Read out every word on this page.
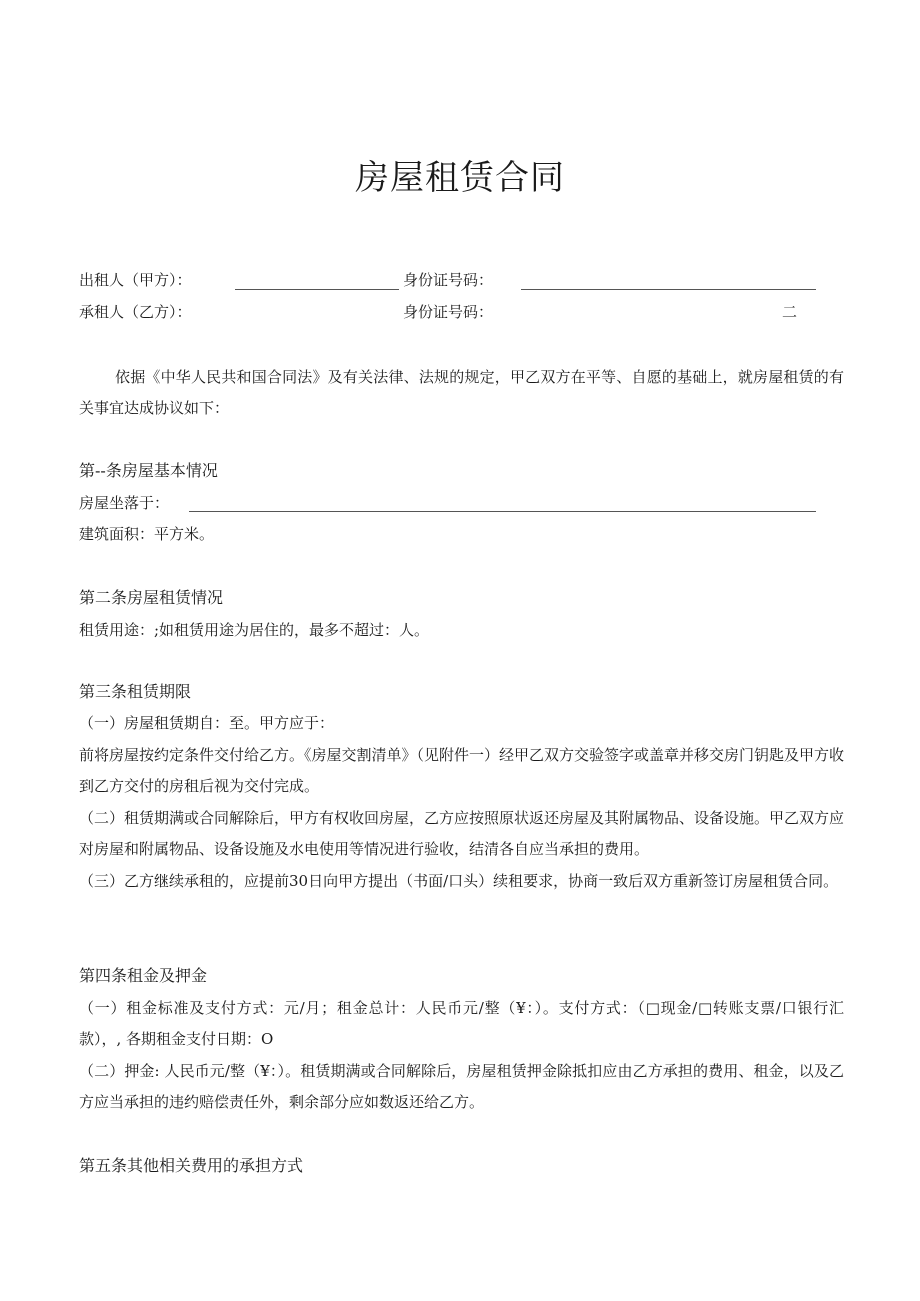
房屋租赁合同
出租人（甲方）：	身份证号码：
承租人（乙方）：	身份证号码：	二
依据《中华人民共和国合同法》及有关法律、法规的规定，甲乙双方在平等、自愿的基础上，就房屋租赁的有关事宜达成协议如下：
第--条房屋基本情况
房屋坐落于：
建筑面积：平方米。
第二条房屋租赁情况
租赁用途：;如租赁用途为居住的，最多不超过：人。
第三条租赁期限
（一）房屋租赁期自：至。甲方应于：
前将房屋按约定条件交付给乙方。《房屋交割清单》（见附件一）经甲乙双方交验签字或盖章并移交房门钥匙及甲方收到乙方交付的房租后视为交付完成。
（二）租赁期满或合同解除后，甲方有权收回房屋，乙方应按照原状返还房屋及其附属物品、设备设施。甲乙双方应对房屋和附属物品、设备设施及水电使用等情况进行验收，结清各自应当承担的费用。
（三）乙方继续承租的，应提前30日向甲方提出（书面/口头）续租要求，协商一致后双方重新签订房屋租赁合同。
第四条租金及押金
（一）租金标准及支付方式：元/月；租金总计：人民币元/整（¥：）。支付方式：（□现金/□转账支票/口银行汇款），, 各期租金支付日期：O
（二）押金: 人民币元/整（¥：）。租赁期满或合同解除后，房屋租赁押金除抵扣应由乙方承担的费用、租金，以及乙方应当承担的违约赔偿责任外，剩余部分应如数返还给乙方。
第五条其他相关费用的承担方式
